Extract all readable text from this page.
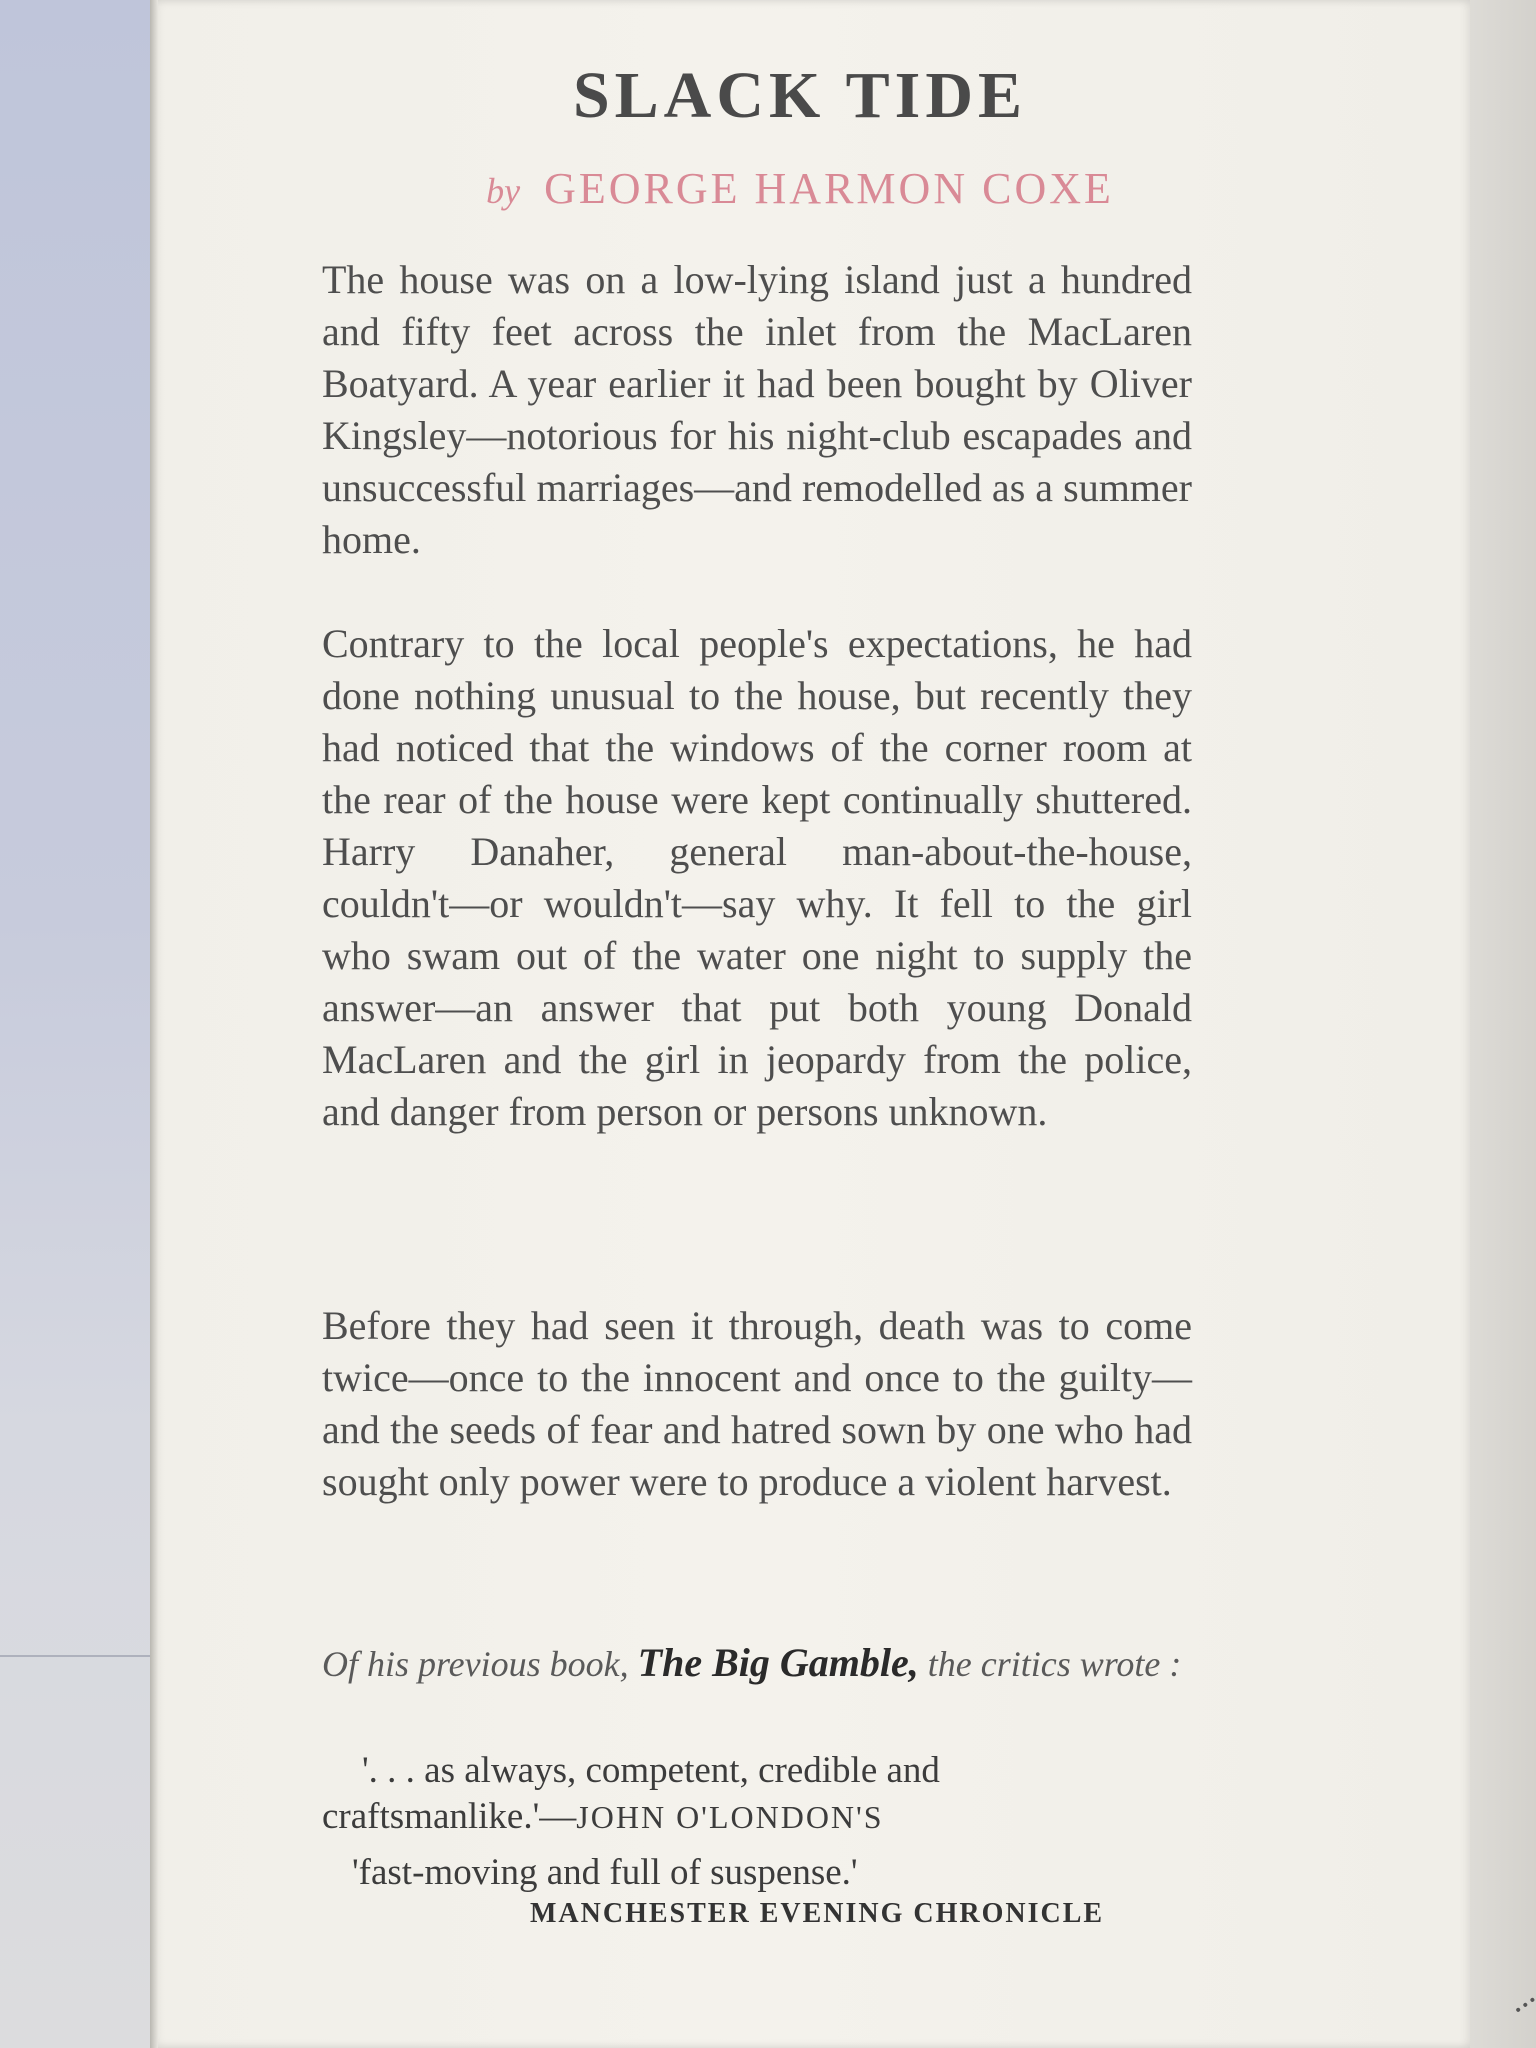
SLACK TIDE
by GEORGE HARMON COXE

The house was on a low-lying island just a hundred and fifty feet across the inlet from the MacLaren Boatyard. A year earlier it had been bought by Oliver Kingsley—notorious for his night-club escapades and unsuccessful marriages—and remodelled as a summer home.

Contrary to the local people's expectations, he had done nothing unusual to the house, but recently they had noticed that the windows of the corner room at the rear of the house were kept continually shuttered. Harry Danaher, general man-about-the-house, couldn't—or wouldn't—say why. It fell to the girl who swam out of the water one night to supply the answer—an answer that put both young Donald MacLaren and the girl in jeopardy from the police, and danger from person or persons unknown.

Before they had seen it through, death was to come twice—once to the innocent and once to the guilty—and the seeds of fear and hatred sown by one who had sought only power were to produce a violent harvest.

Of his previous book, The Big Gamble, the critics wrote :

'. . . as always, competent, credible and craftsmanlike.'—JOHN O'LONDON'S

'fast-moving and full of suspense.'

MANCHESTER EVENING CHRONICLE
